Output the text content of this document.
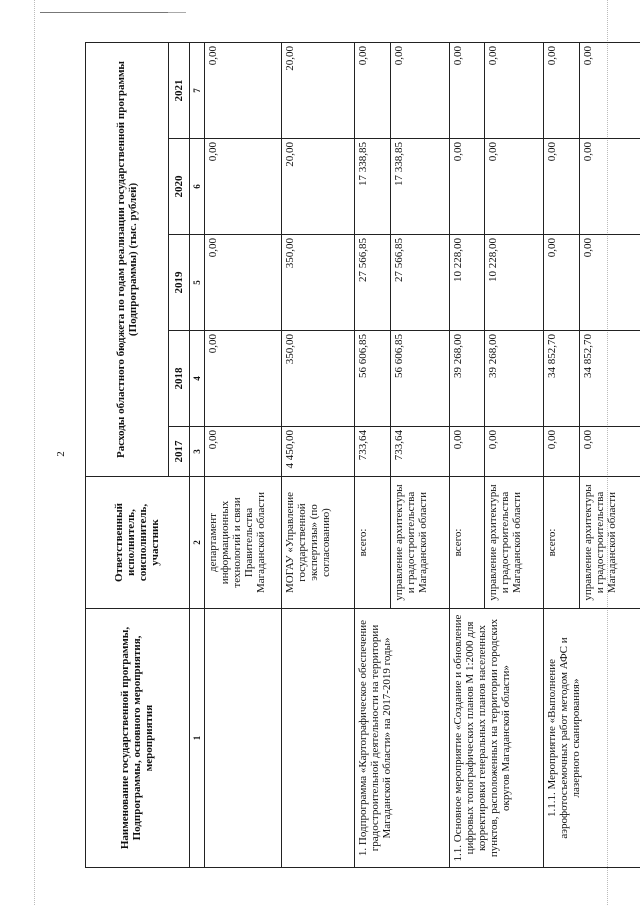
2
Наименование государственной программы, Подпрограммы, основного мероприятия, мероприятия	Ответственный исполнитель, соисполнитель, участник	Расходы областного бюджета по годам реализации государственной программы (Подпрограммы) (тыс. рублей)				
		2017	2018	2019	2020	2021
1	2	3	4	5	6	7
	департамент информационных технологий и связи Правительства Магаданской области	0,00	0,00	0,00	0,00	0,00
	МОГАУ «Управление государственной экспертизы» (по согласованию)	4 450,00	350,00	350,00	20,00	20,00
1. Подпрограмма «Картографическое обеспечение градостроительной деятельности на территории Магаданской области» на 2017-2019 годы»	всего:	733,64	56 606,85	27 566,85	17 338,85	0,00
	управление архитектуры и градостроительства Магаданской области	733,64	56 606,85	27 566,85	17 338,85	0,00
1.1. Основное мероприятие «Создание и обновление цифровых топографических планов М 1:2000 для корректировки генеральных планов населенных пунктов, расположенных на территории городских округов Магаданской области»	всего:	0,00	39 268,00	10 228,00	0,00	0,00
	управление архитектуры и градостроительства Магаданской области	0,00	39 268,00	10 228,00	0,00	0,00
1.1.1. Мероприятие «Выполнение аэрофотосъемочных работ методом АФС и лазерного сканирования»	всего:	0,00	34 852,70	0,00	0,00	0,00
	управление архитектуры и градостроительства Магаданской области	0,00	34 852,70	0,00	0,00	0,00
